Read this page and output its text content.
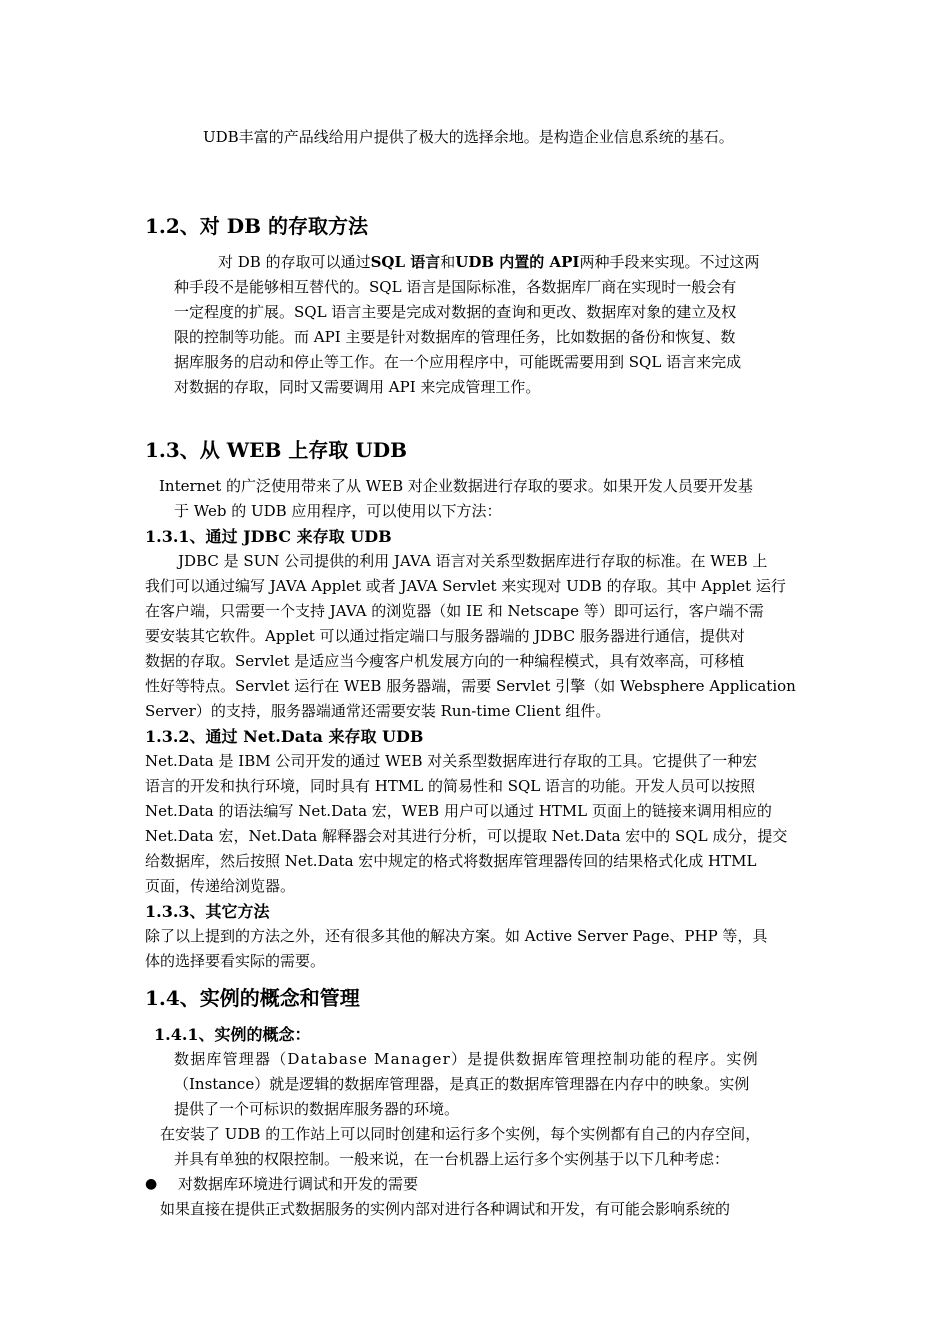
UDB丰富的产品线给用户提供了极大的选择余地。是构造企业信息系统的基石。

1.2、对 DB 的存取方法

对 DB 的存取可以通过SQL 语言和UDB 内置的 API两种手段来实现。不过这两

种手段不是能够相互替代的。SQL 语言是国际标准，各数据库厂商在实现时一般会有

一定程度的扩展。SQL 语言主要是完成对数据的查询和更改、数据库对象的建立及权

限的控制等功能。而 API 主要是针对数据库的管理任务，比如数据的备份和恢复、数

据库服务的启动和停止等工作。在一个应用程序中，可能既需要用到 SQL 语言来完成

对数据的存取，同时又需要调用 API 来完成管理工作。

1.3、从 WEB 上存取 UDB

Internet 的广泛使用带来了从 WEB 对企业数据进行存取的要求。如果开发人员要开发基

于 Web 的 UDB 应用程序，可以使用以下方法：

1.3.1、通过 JDBC 来存取 UDB

JDBC 是 SUN 公司提供的利用 JAVA 语言对关系型数据库进行存取的标准。在 WEB 上

我们可以通过编写 JAVA Applet 或者 JAVA Servlet 来实现对 UDB 的存取。其中 Applet 运行

在客户端，只需要一个支持 JAVA 的浏览器（如 IE 和 Netscape 等）即可运行，客户端不需

要安装其它软件。Applet 可以通过指定端口与服务器端的 JDBC 服务器进行通信，提供对

数据的存取。Servlet 是适应当今瘦客户机发展方向的一种编程模式，具有效率高，可移植

性好等特点。Servlet 运行在 WEB 服务器端，需要 Servlet 引擎（如 Websphere Application

Server）的支持，服务器端通常还需要安装 Run-time Client 组件。

1.3.2、通过 Net.Data 来存取 UDB

Net.Data 是 IBM 公司开发的通过 WEB 对关系型数据库进行存取的工具。它提供了一种宏

语言的开发和执行环境，同时具有 HTML 的简易性和 SQL 语言的功能。开发人员可以按照

Net.Data 的语法编写 Net.Data 宏，WEB 用户可以通过 HTML 页面上的链接来调用相应的

Net.Data 宏，Net.Data 解释器会对其进行分析，可以提取 Net.Data 宏中的 SQL 成分，提交

给数据库，然后按照 Net.Data 宏中规定的格式将数据库管理器传回的结果格式化成 HTML

页面，传递给浏览器。

1.3.3、其它方法

除了以上提到的方法之外，还有很多其他的解决方案。如 Active Server Page、PHP 等，具

体的选择要看实际的需要。

1.4、实例的概念和管理
1.4.1、实例的概念：

数据库管理器（Database Manager）是提供数据库管理控制功能的程序。实例

（Instance）就是逻辑的数据库管理器，是真正的数据库管理器在内存中的映象。实例

提供了一个可标识的数据库服务器的环境。

在安装了 UDB 的工作站上可以同时创建和运行多个实例，每个实例都有自己的内存空间，

并具有单独的权限控制。一般来说，在一台机器上运行多个实例基于以下几种考虑：

● 对数据库环境进行调试和开发的需要

如果直接在提供正式数据服务的实例内部对进行各种调试和开发，有可能会影响系统的
